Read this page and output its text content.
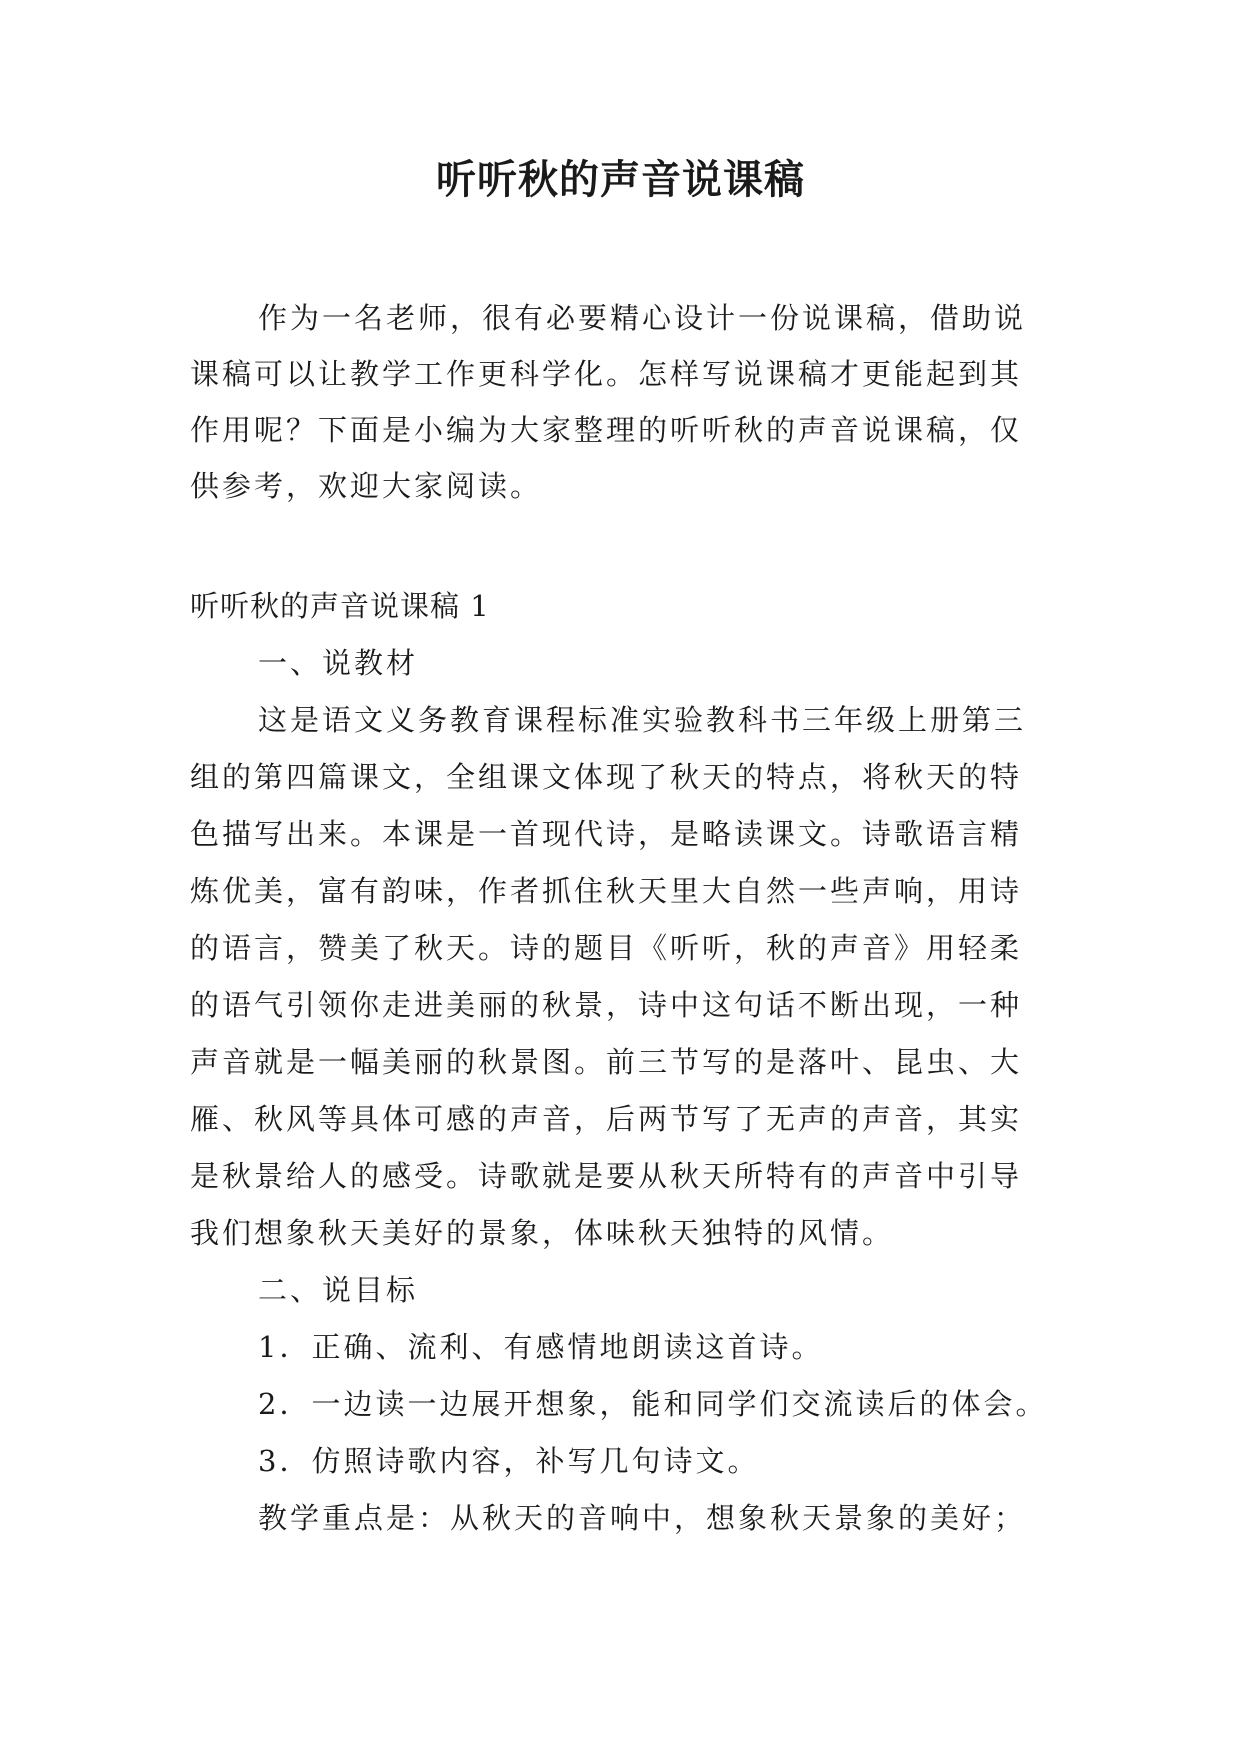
听听秋的声音说课稿
作为一名老师，很有必要精心设计一份说课稿，借助说课稿可以让教学工作更科学化。怎样写说课稿才更能起到其作用呢？下面是小编为大家整理的听听秋的声音说课稿，仅供参考，欢迎大家阅读。
听听秋的声音说课稿 1
一、说教材
这是语文义务教育课程标准实验教科书三年级上册第三组的第四篇课文，全组课文体现了秋天的特点，将秋天的特色描写出来。本课是一首现代诗，是略读课文。诗歌语言精炼优美，富有韵味，作者抓住秋天里大自然一些声响，用诗的语言，赞美了秋天。诗的题目《听听，秋的声音》用轻柔的语气引领你走进美丽的秋景，诗中这句话不断出现，一种声音就是一幅美丽的秋景图。前三节写的是落叶、昆虫、大雁、秋风等具体可感的声音，后两节写了无声的声音，其实是秋景给人的感受。诗歌就是要从秋天所特有的声音中引导我们想象秋天美好的景象，体味秋天独特的风情。
二、说目标
1．正确、流利、有感情地朗读这首诗。
2．一边读一边展开想象，能和同学们交流读后的体会。
3．仿照诗歌内容，补写几句诗文。
教学重点是：从秋天的音响中，想象秋天景象的美好；
